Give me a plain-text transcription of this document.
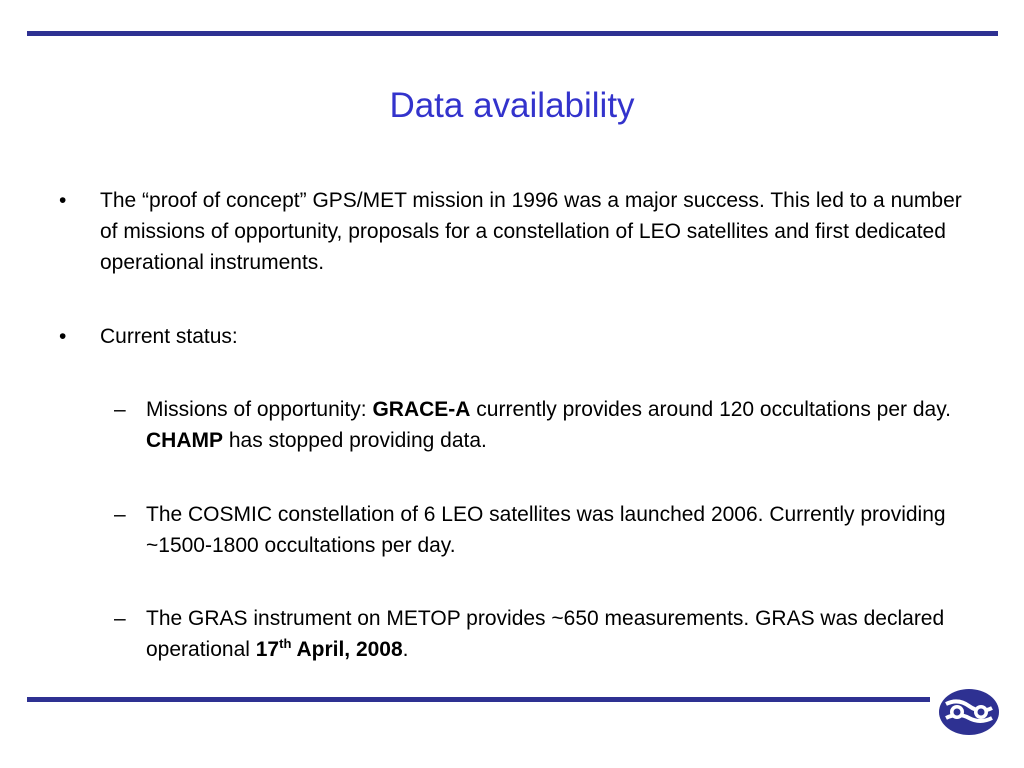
Data availability
• The “proof of concept” GPS/MET mission in 1996 was a major success. This led to a number of missions of opportunity, proposals for a constellation of LEO satellites and first dedicated operational instruments.
• Current status:
– Missions of opportunity: GRACE-A currently provides around 120 occultations per day. CHAMP has stopped providing data.
– The COSMIC constellation of 6 LEO satellites was launched 2006. Currently providing ~1500-1800 occultations per day.
– The GRAS instrument on METOP provides ~650 measurements. GRAS was declared operational 17th April, 2008.
